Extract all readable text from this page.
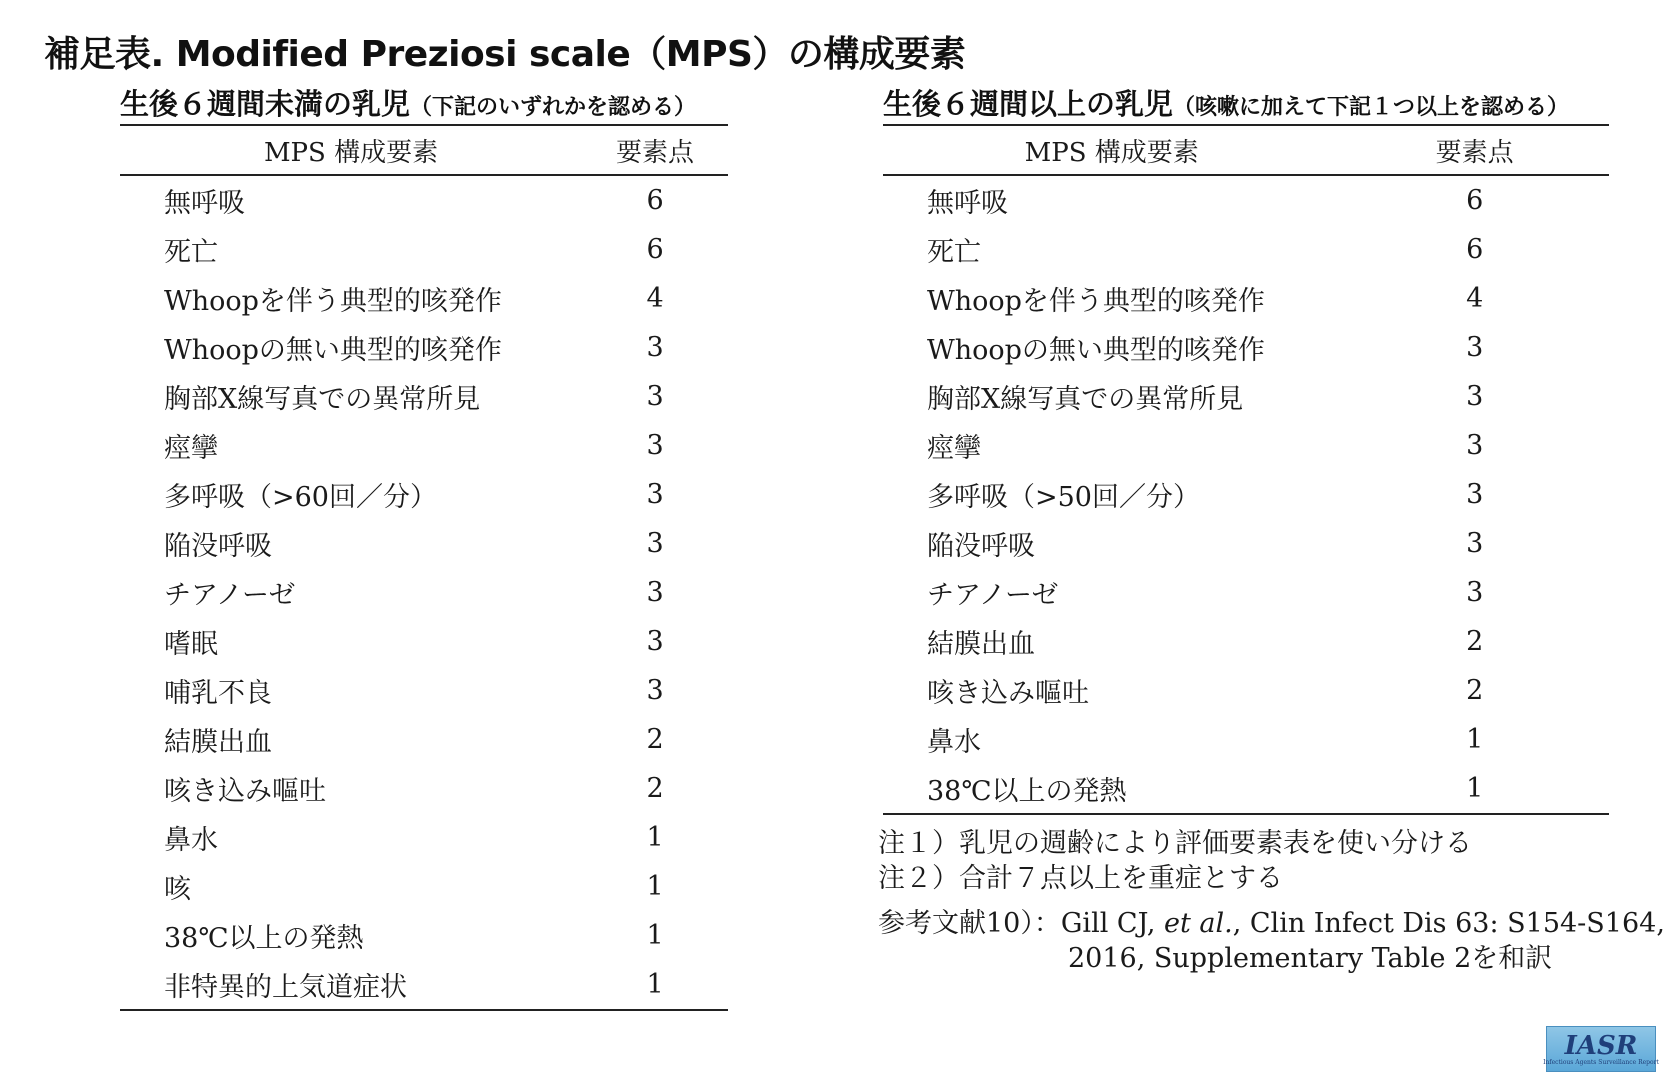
補足表. Modified Preziosi scale（MPS）の構成要素
生後６週間未満の乳児（下記のいずれかを認める）
MPS 構成要素	要素点
無呼吸	6
死亡	6
Whoopを伴う典型的咳発作	4
Whoopの無い典型的咳発作	3
胸部X線写真での異常所見	3
痙攣	3
多呼吸（>60回／分）	3
陥没呼吸	3
チアノーゼ	3
嗜眠	3
哺乳不良	3
結膜出血	2
咳き込み嘔吐	2
鼻水	1
咳	1
38℃以上の発熱	1
非特異的上気道症状	1
生後６週間以上の乳児（咳嗽に加えて下記１つ以上を認める）
MPS 構成要素	要素点
無呼吸	6
死亡	6
Whoopを伴う典型的咳発作	4
Whoopの無い典型的咳発作	3
胸部X線写真での異常所見	3
痙攣	3
多呼吸（>50回／分）	3
陥没呼吸	3
チアノーゼ	3
結膜出血	2
咳き込み嘔吐	2
鼻水	1
38℃以上の発熱	1
注１）乳児の週齢により評価要素表を使い分ける
注２）合計７点以上を重症とする
参考文献10）：Gill CJ, et al., Clin Infect Dis 63: S154-S164,
2016, Supplementary Table 2を和訳
IASR
Infectious Agents Surveillance Report
